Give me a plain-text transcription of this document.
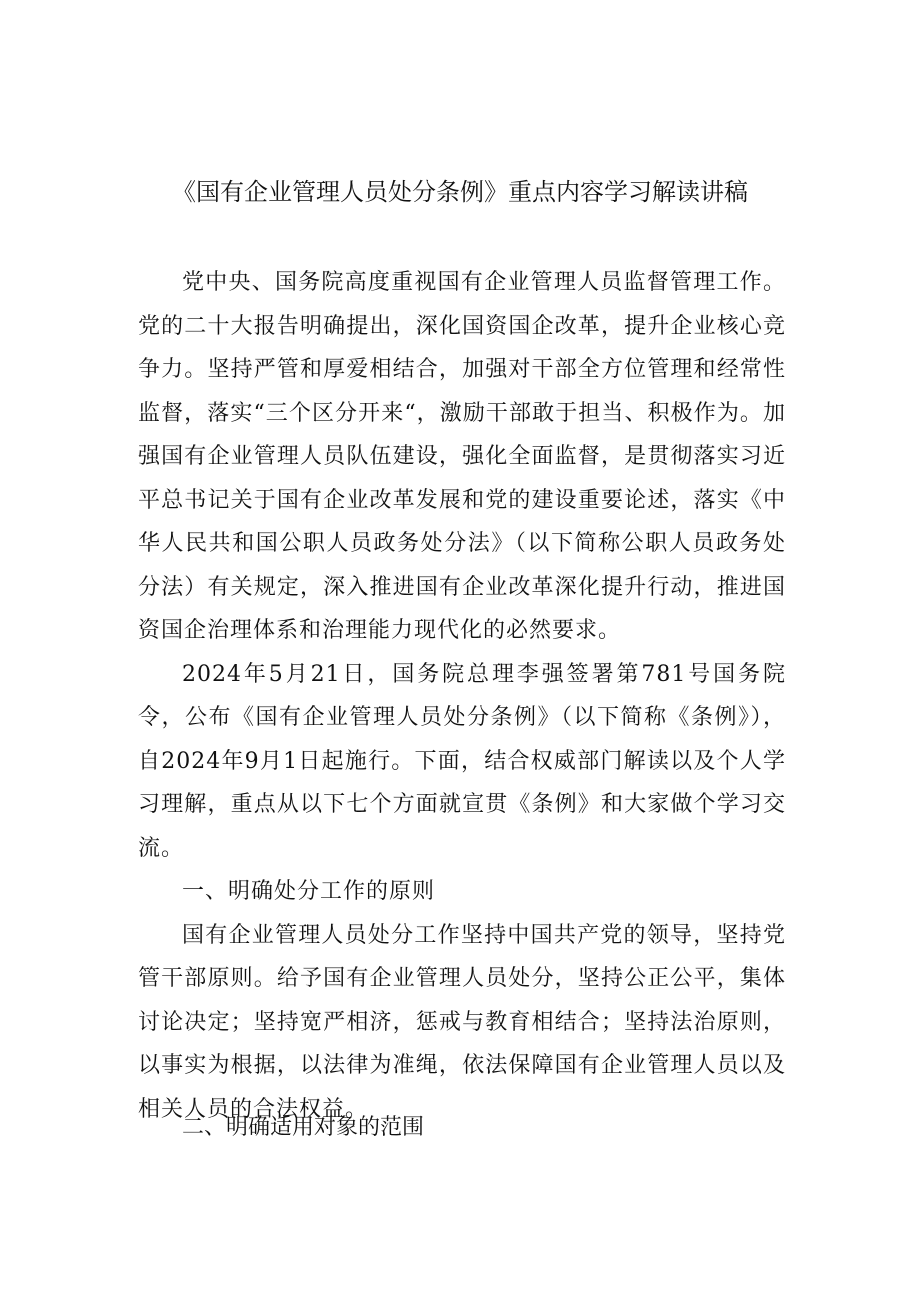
《国有企业管理人员处分条例》重点内容学习解读讲稿

党中央、国务院高度重视国有企业管理人员监督管理工作。党的二十大报告明确提出，深化国资国企改革，提升企业核心竞争力。坚持严管和厚爱相结合，加强对干部全方位管理和经常性监督，落实“三个区分开来“，激励干部敢于担当、积极作为。加强国有企业管理人员队伍建设，强化全面监督，是贯彻落实习近平总书记关于国有企业改革发展和党的建设重要论述，落实《中华人民共和国公职人员政务处分法》（以下简称公职人员政务处分法）有关规定，深入推进国有企业改革深化提升行动，推进国资国企治理体系和治理能力现代化的必然要求。

2024年5月21日，国务院总理李强签署第781号国务院令，公布《国有企业管理人员处分条例》（以下简称《条例》），自2024年9月1日起施行。下面，结合权威部门解读以及个人学习理解，重点从以下七个方面就宣贯《条例》和大家做个学习交流。

一、明确处分工作的原则

国有企业管理人员处分工作坚持中国共产党的领导，坚持党管干部原则。给予国有企业管理人员处分，坚持公正公平，集体讨论决定；坚持宽严相济，惩戒与教育相结合；坚持法治原则，以事实为根据，以法律为准绳，依法保障国有企业管理人员以及相关人员的合法权益。

二、明确适用对象的范围
